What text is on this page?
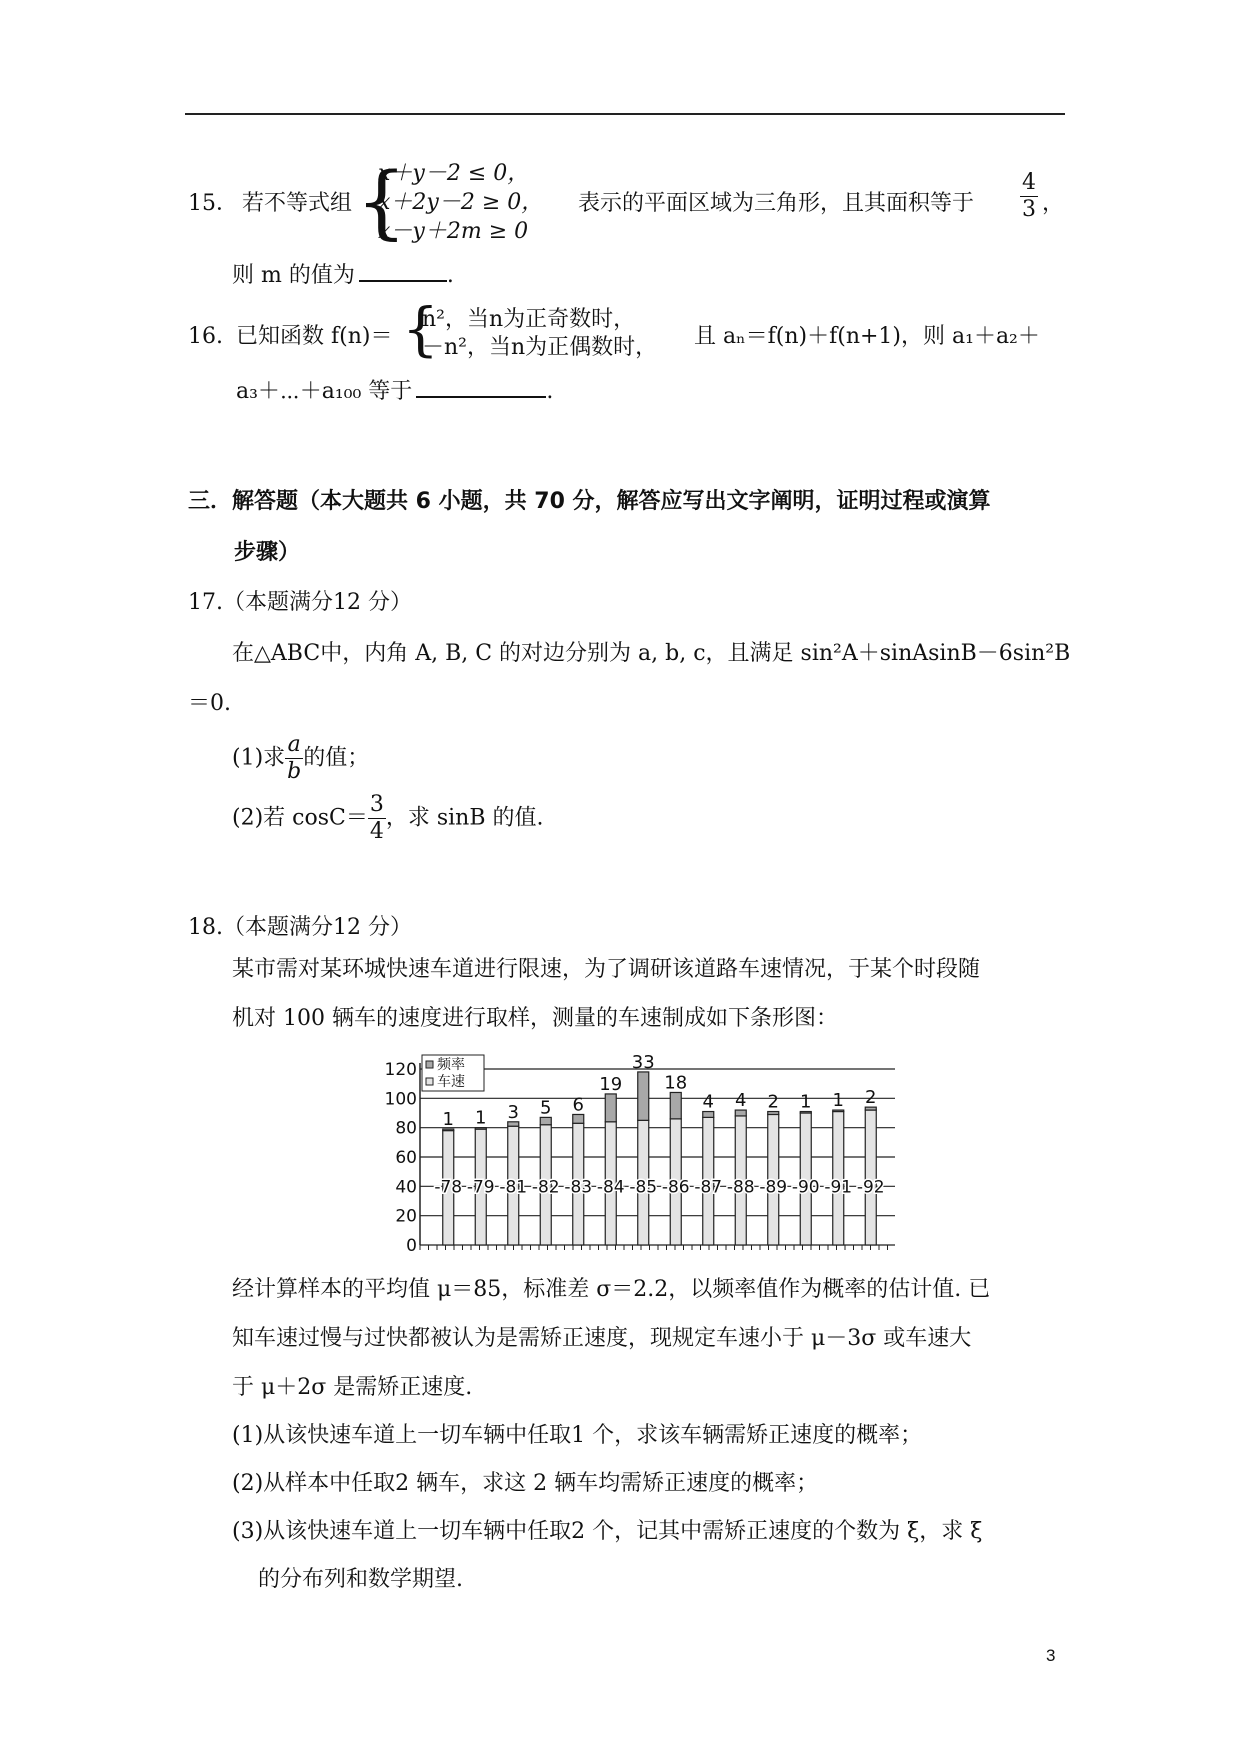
15． 若不等式组 {
x＋y－2 ≤ 0，
x＋2y－2 ≥ 0，
x－y＋2m ≥ 0
表示的平面区域为三角形，且其面积等于 $\frac{4}{3}$ ，
则 m 的值为	.
16. 已知函数 f(n)＝ {
n²，当n为正奇数时，
－n²，当n为正偶数时， 且 aₙ＝f(n)＋f(n+1)，则 a₁＋a₂＋
a₃＋⋯＋a₁₀₀ 等于	.
三．解答题（本大题共 6 小题，共 70 分，解答应写出文字阐明，证明过程或演算
步骤）
17.（本题满分12 分）
在△ABC中，内角 A, B, C 的对边分别为 a, b, c，且满足 sin²A＋sinAsinB－6sin²B
＝0.
(1)求 $\frac{a}{b}$ 的值；
(2)若 $\cos C= \frac{3}{4}$ ，求 sinB 的值.
18.（本题满分12 分）
某市需对某环城快速车道进行限速，为了调研该道路车速情况，于某个时段随
机对 100 辆车的速度进行取样，测量的车速制成如下条形图：
0
20
40
60
80
100
120
1
-78
1
-79
3
-81
5
-82
6
-83
19
-84
33
-85
18
-86
4
-87
4
-88
2
-89
1
-90
1
-91
2
-92
频率
车速
经计算样本的平均值 μ＝85，标准差 σ＝2.2，以频率值作为概率的估计值. 已
知车速过慢与过快都被认为是需矫正速度，现规定车速小于 μ－3σ 或车速大
于 μ＋2σ 是需矫正速度.
(1)从该快速车道上一切车辆中任取1 个，求该车辆需矫正速度的概率；
(2)从样本中任取2 辆车，求这 2 辆车均需矫正速度的概率；
(3)从该快速车道上一切车辆中任取2 个，记其中需矫正速度的个数为 ξ，求 ξ
的分布列和数学期望.
3
